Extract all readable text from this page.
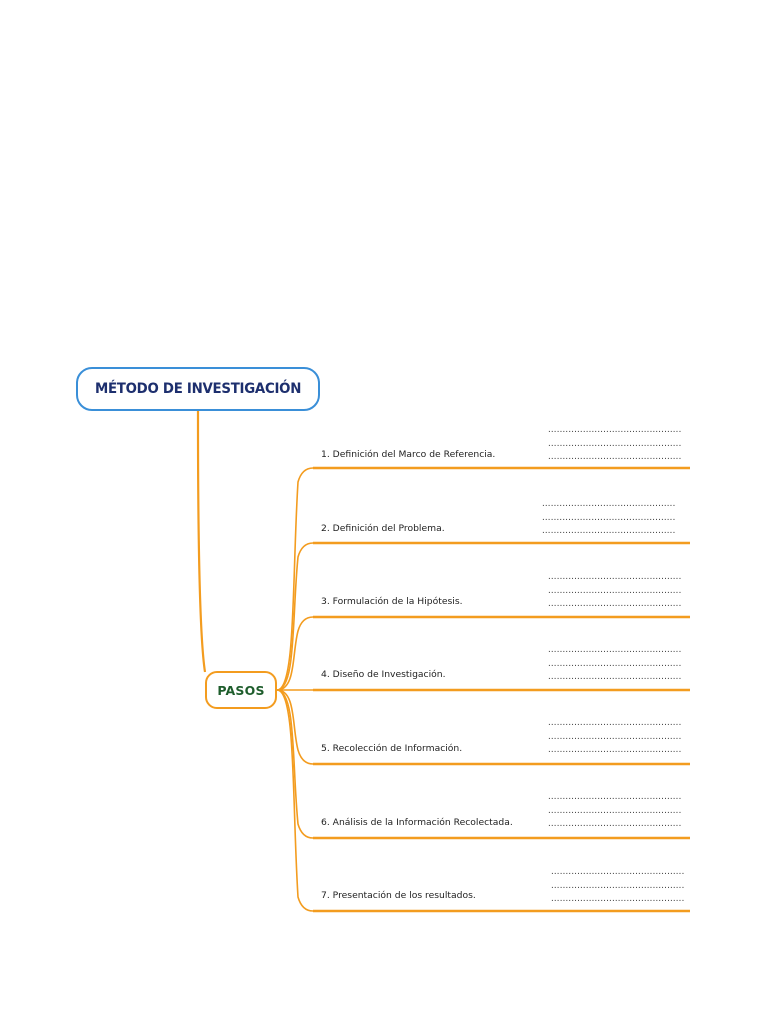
MÉTODO DE INVESTIGACIÓN
PASOS
1. Definición del Marco de Referencia.
..............................................
..............................................
..............................................
2. Definición del Problema.
..............................................
..............................................
..............................................
3. Formulación de la Hipótesis.
..............................................
..............................................
..............................................
4. Diseño de Investigación.
..............................................
..............................................
..............................................
5. Recolección de Información.
..............................................
..............................................
..............................................
6. Análisis de la Información Recolectada.
..............................................
..............................................
..............................................
7. Presentación de los resultados.
..............................................
..............................................
..............................................
